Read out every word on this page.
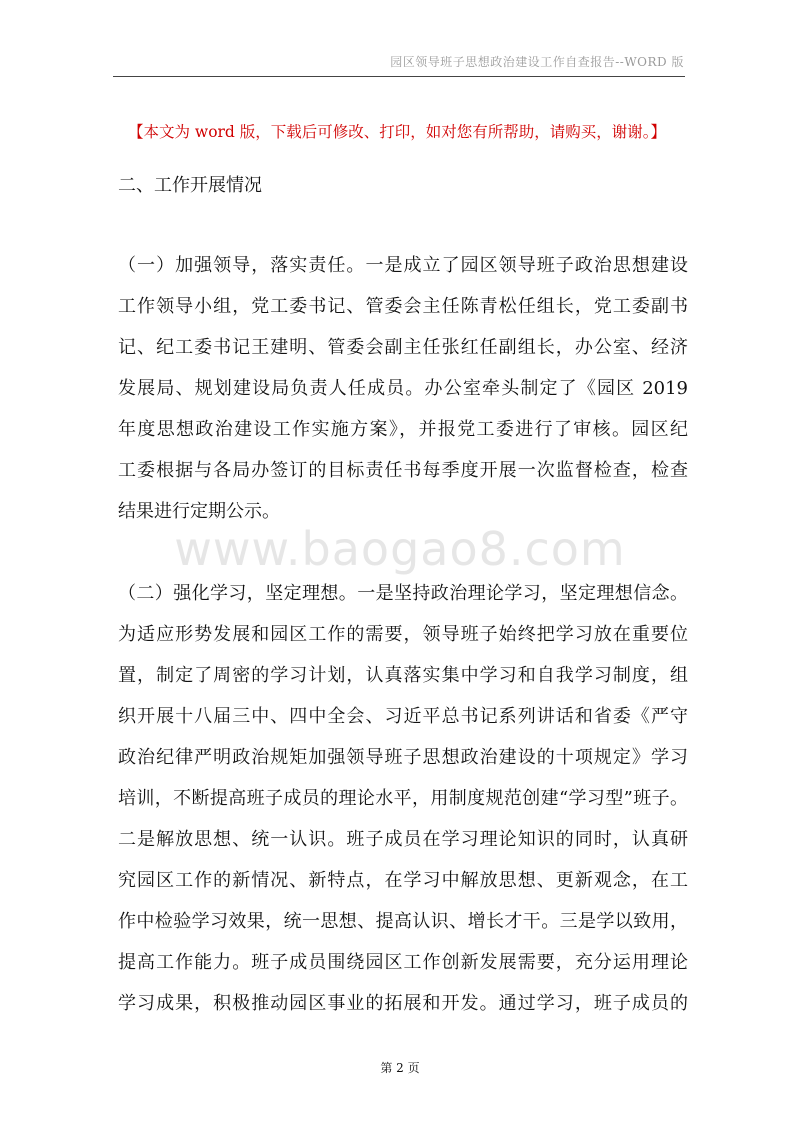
园区领导班子思想政治建设工作自查报告--WORD 版
【本文为 word 版，下载后可修改、打印，如对您有所帮助，请购买，谢谢。】
二、工作开展情况
（一）加强领导，落实责任。一是成立了园区领导班子政治思想建设
工作领导小组，党工委书记、管委会主任陈青松任组长，党工委副书
记、纪工委书记王建明、管委会副主任张红任副组长，办公室、经济
发展局、规划建设局负责人任成员。办公室牵头制定了《园区 2019
年度思想政治建设工作实施方案》，并报党工委进行了审核。园区纪
工委根据与各局办签订的目标责任书每季度开展一次监督检查，检查
结果进行定期公示。
www.baogao8.com
（二）强化学习，坚定理想。一是坚持政治理论学习，坚定理想信念。
为适应形势发展和园区工作的需要，领导班子始终把学习放在重要位
置，制定了周密的学习计划，认真落实集中学习和自我学习制度，组
织开展十八届三中、四中全会、习近平总书记系列讲话和省委《严守
政治纪律严明政治规矩加强领导班子思想政治建设的十项规定》学习
培训，不断提高班子成员的理论水平，用制度规范创建“学习型”班子。
二是解放思想、统一认识。班子成员在学习理论知识的同时，认真研
究园区工作的新情况、新特点，在学习中解放思想、更新观念，在工
作中检验学习效果，统一思想、提高认识、增长才干。三是学以致用，
提高工作能力。班子成员围绕园区工作创新发展需要，充分运用理论
学习成果，积极推动园区事业的拓展和开发。通过学习，班子成员的
第 2 页
